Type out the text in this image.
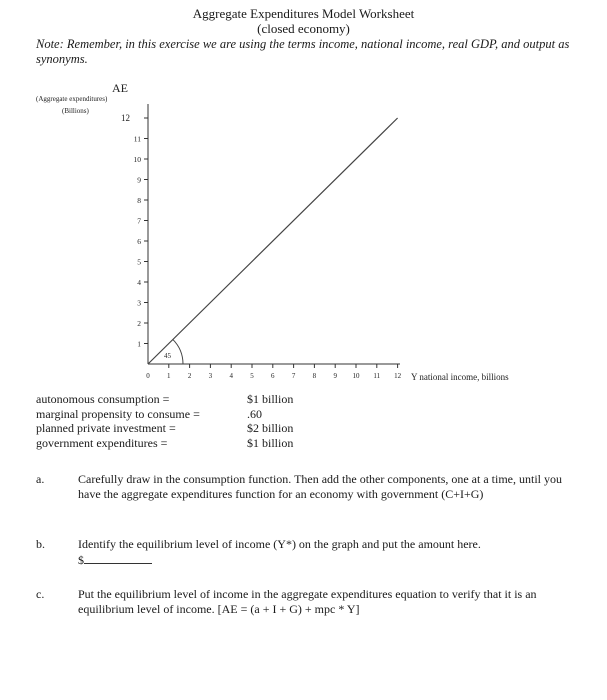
Aggregate Expenditures Model Worksheet
(closed economy)
Note: Remember, in this exercise we are using the terms income, national income, real GDP, and output as synonyms.
1
2
3
4
5
6
7
8
9
10
11
12
0 1 2 3 4 5 6 7 8 9 10 11 12
45
AE
(Aggregate expenditures)
(Billions)
Y national income, billions
autonomous consumption =	$1 billion
marginal propensity to consume =	.60
planned private investment =	$2 billion
government expenditures =	$1 billion
a.	Carefully draw in the consumption function. Then add the other components, one at a time, until you have the aggregate expenditures function for an economy with government (C+I+G)
b.	Identify the equilibrium level of income (Y*) on the graph and put the amount here.
$
c.	Put the equilibrium level of income in the aggregate expenditures equation to verify that it is an equilibrium level of income. [AE = (a + I + G) + mpc * Y]
